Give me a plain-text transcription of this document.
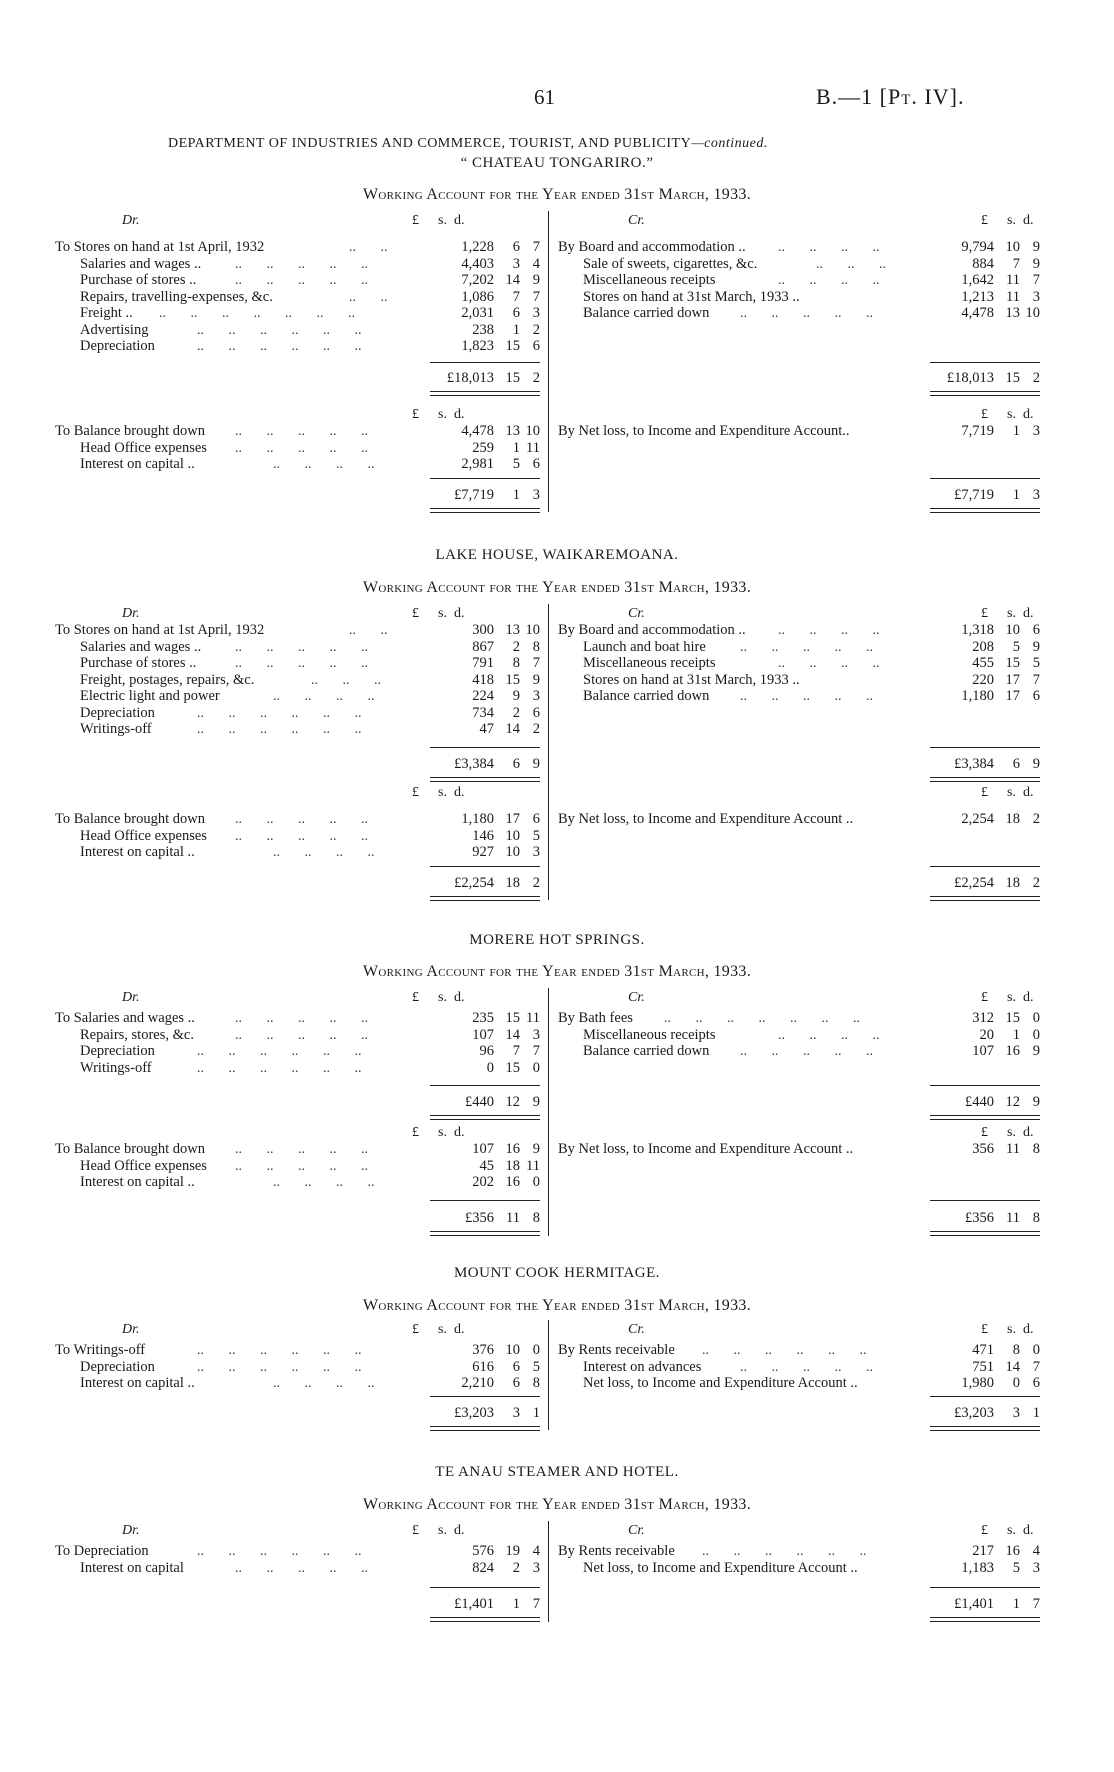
61	B.—1 [Pt. IV].
DEPARTMENT OF INDUSTRIES AND COMMERCE, TOURIST, AND PUBLICITY—continued.
“ CHATEAU TONGARIRO.”
Working Account for the Year ended 31st March, 1933.
Dr.	Cr.
£ s. d.	£ s. d.
To Stores on hand at 1st April, 1932	..       ..	1,228 6 7
Salaries and wages .. ..       ..       ..       ..       ..	4,403 3 4
Purchase of stores ..	..       ..       ..       ..       ..	7,202 14 9
Repairs, travelling-expenses, &c.	..       ..	1,086 7 7
Freight .. ..       ..       ..       ..       ..       ..       ..	2,031 6 3
Advertising	..       ..       ..       ..       ..       ..	238 1 2
Depreciation	..       ..       ..       ..       ..       ..	1,823 15 6
By Board and accommodation .. ..       ..       ..       ..	9,794 10 9
Sale of sweets, cigarettes, &c.	..       ..       ..	884 7 9
Miscellaneous receipts	..       ..       ..       ..	1,642 11 7
Stores on hand at 31st March, 1933 ..	1,213 11 3
Balance carried down ..       ..       ..       ..       ..	4,478 13 10
£18,013 15 2	£18,013 15 2
£ s. d.	£ s. d.
To Balance brought down ..       ..       ..       ..       ..	4,478 13 10
Head Office expenses ..       ..       ..       ..       ..	259 1 11
Interest on capital ..	..       ..       ..       ..	2,981 5 6
By Net loss, to Income and Expenditure Account..	7,719 1 3
£7,719 1 3	£7,719 1 3
LAKE HOUSE, WAIKAREMOANA.
Working Account for the Year ended 31st March, 1933.
Dr.	Cr.
£ s. d.	£ s. d.
To Stores on hand at 1st April, 1932	..       ..	300 13 10
Salaries and wages .. ..       ..       ..       ..       ..	867 2 8
Purchase of stores ..	..       ..       ..       ..       ..	791 8 7
Freight, postages, repairs, &c.	..       ..       ..	418 15 9
Electric light and power	..       ..       ..       ..	224 9 3
Depreciation	..       ..       ..       ..       ..       ..	734 2 6
Writings-off	..       ..       ..       ..       ..       ..	47 14 2
By Board and accommodation .. ..       ..       ..       ..	1,318 10 6
Launch and boat hire ..       ..       ..       ..       ..	208 5 9
Miscellaneous receipts	..       ..       ..       ..	455 15 5
Stores on hand at 31st March, 1933 ..	220 17 7
Balance carried down ..       ..       ..       ..       ..	1,180 17 6
£3,384 6 9	£3,384 6 9
£ s. d.	£ s. d.
To Balance brought down ..       ..       ..       ..       ..	1,180 17 6
Head Office expenses ..       ..       ..       ..       ..	146 10 5
Interest on capital ..	..       ..       ..       ..	927 10 3
By Net loss, to Income and Expenditure Account ..	2,254 18 2
£2,254 18 2	£2,254 18 2
MORERE HOT SPRINGS.
Working Account for the Year ended 31st March, 1933.
Dr.	Cr.
£ s. d.	£ s. d.
To Salaries and wages ..	..       ..       ..       ..       ..	235 15 11
Repairs, stores, &c.	..       ..       ..       ..       ..	107 14 3
Depreciation	..       ..       ..       ..       ..       ..	96 7 7
Writings-off	..       ..       ..       ..       ..       ..	0 15 0
By Bath fees ..       ..       ..       ..       ..       ..       ..	312 15 0
Miscellaneous receipts	..       ..       ..       ..	20 1 0
Balance carried down ..       ..       ..       ..       ..	107 16 9
£440 12 9	£440 12 9
£ s. d.	£ s. d.
To Balance brought down ..       ..       ..       ..       ..	107 16 9
Head Office expenses ..       ..       ..       ..       ..	45 18 11
Interest on capital ..	..       ..       ..       ..	202 16 0
By Net loss, to Income and Expenditure Account ..	356 11 8
£356 11 8	£356 11 8
MOUNT COOK HERMITAGE.
Working Account for the Year ended 31st March, 1933.
Dr.	Cr.
£ s. d.	£ s. d.
To Writings-off	..       ..       ..       ..       ..       ..	376 10 0
Depreciation	..       ..       ..       ..       ..       ..	616 6 5
Interest on capital ..	..       ..       ..       ..	2,210 6 8
By Rents receivable ..       ..       ..       ..       ..       ..	471 8 0
Interest on advances	..       ..       ..       ..       ..	751 14 7
Net loss, to Income and Expenditure Account ..	1,980 0 6
£3,203 3 1	£3,203 3 1
TE ANAU STEAMER AND HOTEL.
Working Account for the Year ended 31st March, 1933.
Dr.	Cr.
£ s. d.	£ s. d.
To Depreciation	..       ..       ..       ..       ..       ..	576 19 4
Interest on capital	..       ..       ..       ..       ..	824 2 3
By Rents receivable ..       ..       ..       ..       ..       ..	217 16 4
Net loss, to Income and Expenditure Account ..	1,183 5 3
£1,401 1 7	£1,401 1 7
